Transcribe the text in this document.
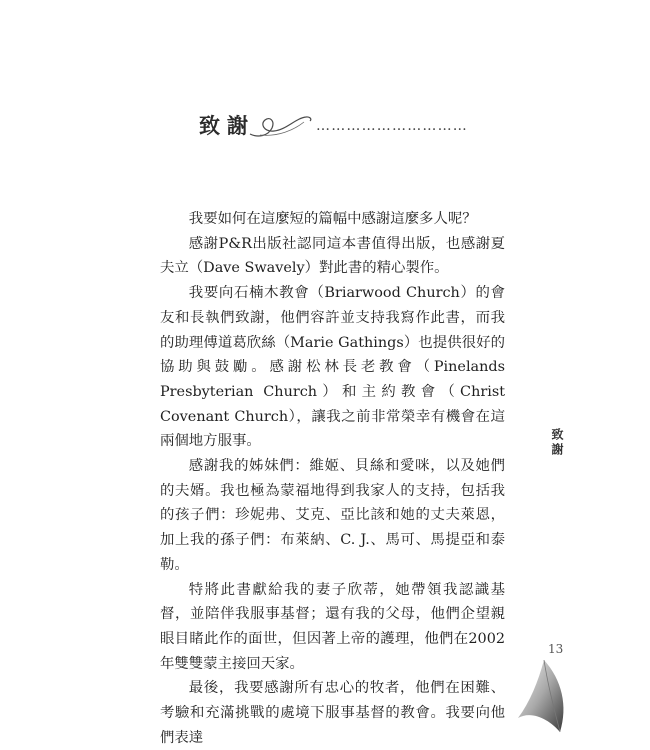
致謝	…………………………

我要如何在這麼短的篇幅中感謝這麼多人呢？

感謝P&R出版社認同這本書值得出版，也感謝夏夫立（Dave Swavely）對此書的精心製作。

我要向石楠木教會（Briarwood Church）的會友和長執們致謝，他們容許並支持我寫作此書，而我的助理傅道葛欣絲（Marie Gathings）也提供很好的協助與鼓勵。感謝松林長老教會（Pinelands Presbyterian Church）和主約教會（Christ Covenant Church），讓我之前非常榮幸有機會在這兩個地方服事。

感謝我的姊妹們：維姬、貝絲和愛咪，以及她們的夫婿。我也極為蒙福地得到我家人的支持，包括我的孩子們：珍妮弗、艾克、亞比該和她的丈夫萊恩，加上我的孫子們：布萊納、C. J.、馬可、馬提亞和泰勒。

特將此書獻給我的妻子欣蒂，她帶領我認識基督，並陪伴我服事基督；還有我的父母，他們企望親眼目睹此作的面世，但因著上帝的護理，他們在2002年雙雙蒙主接回天家。

最後，我要感謝所有忠心的牧者，他們在困難、考驗和充滿挑戰的處境下服事基督的教會。我要向他們表達

致謝
13
